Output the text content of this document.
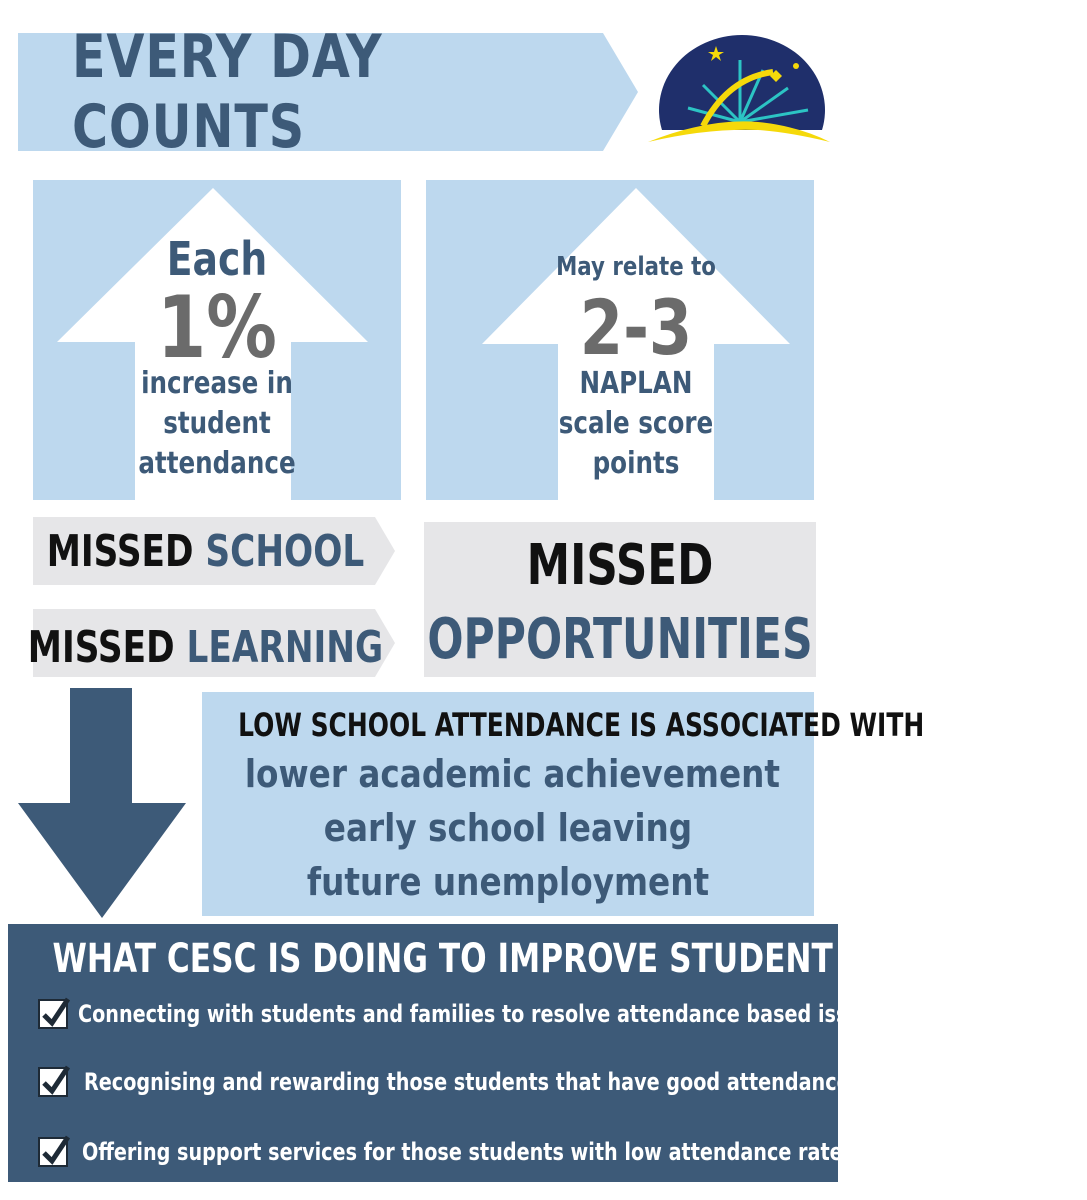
EVERY DAY COUNTS
Each
1%
increase in
student
attendance
May relate to
2-3
NAPLAN
scale score
points
MISSED
SCHOOL
MISSED
LEARNING
MISSED
OPPORTUNITIES
LOW SCHOOL ATTENDANCE IS ASSOCIATED WITH
lower academic achievement
early school leaving
future unemployment
WHAT CESC IS DOING TO IMPROVE STUDENT ATTENDANCE
Connecting with students and families to resolve attendance based issues
Recognising and rewarding those students that have good attendance
Offering support services for those students with low attendance rates
